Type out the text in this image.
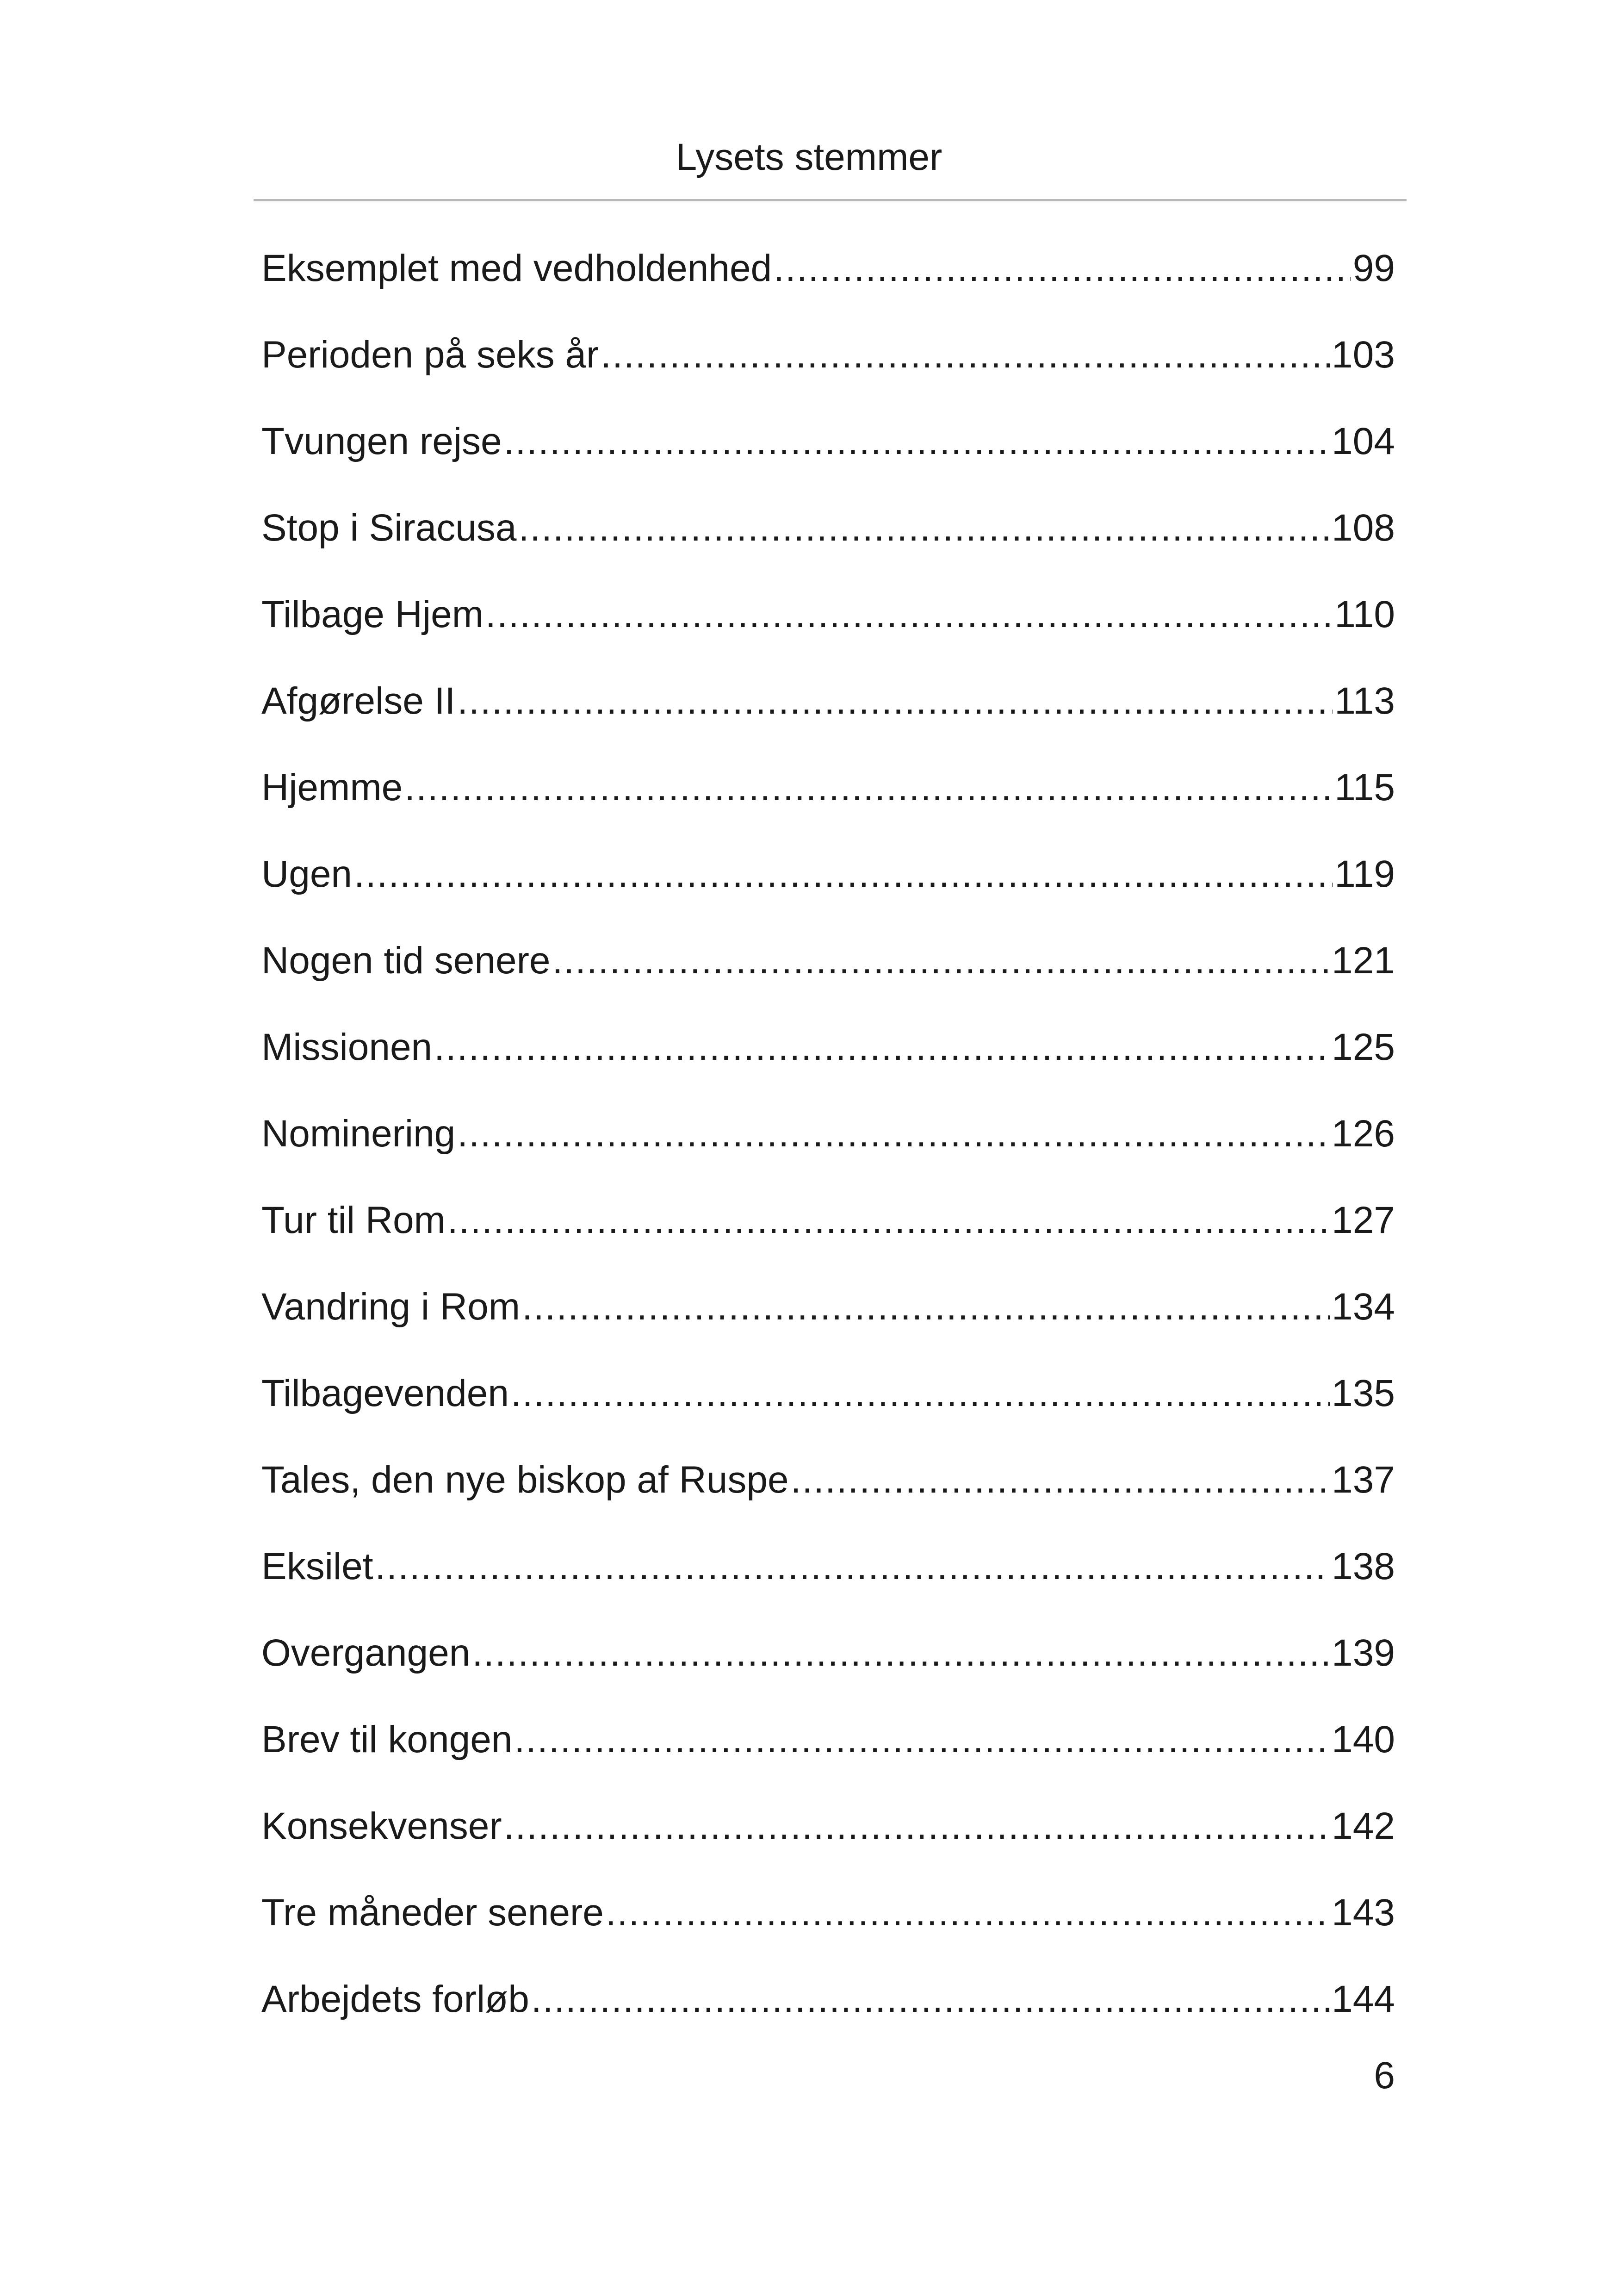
Lysets stemmer
Eksemplet med vedholdenhed .....	99
Perioden på seks år .....	103
Tvungen rejse .....	104
Stop i Siracusa .....	108
Tilbage Hjem .....	110
Afgørelse II .....	113
Hjemme .....	115
Ugen .....	119
Nogen tid senere .....	121
Missionen .....	125
Nominering .....	126
Tur til Rom .....	127
Vandring i Rom .....	134
Tilbagevenden .....	135
Tales, den nye biskop af Ruspe .....	137
Eksilet .....	138
Overgangen .....	139
Brev til kongen .....	140
Konsekvenser .....	142
Tre måneder senere .....	143
Arbejdets forløb .....	144
6
